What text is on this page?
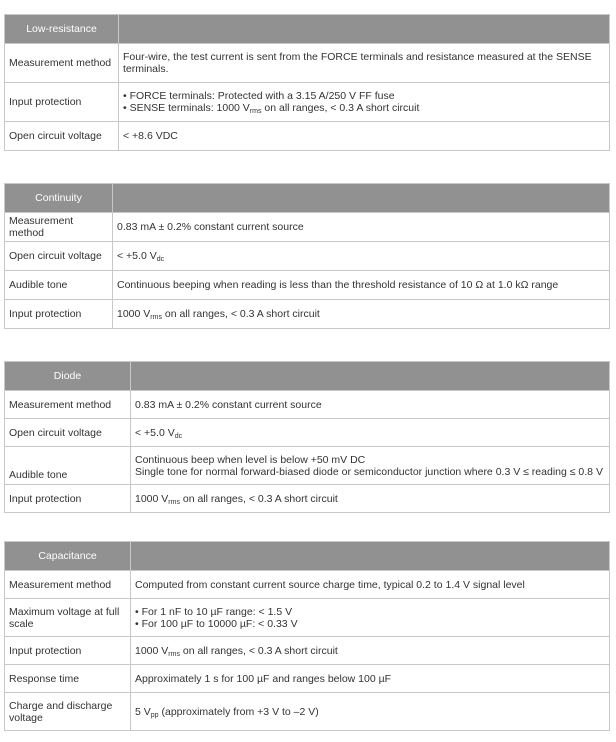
Low-resistance	
Measurement method	Four-wire, the test current is sent from the FORCE terminals and resistance measured at the SENSE
terminals.

Input protection	• FORCE terminals: Protected with a 3.15 A/250 V FF fuse
• SENSE terminals: 1000 $V_{rms}$ on all ranges, < 0.3 A short circuit

Open circuit voltage	< +8.6 VDC
Continuity	
Measurement method	0.83 mA ± 0.2% constant current source
Open circuit voltage	< +5.0 $V_{dc}$
Audible tone	Continuous beeping when reading is less than the threshold resistance of 10 Ω at 1.0 kΩ range
Input protection	1000 $V_{rms}$ on all ranges, < 0.3 A short circuit
Diode	
Measurement method	0.83 mA ± 0.2% constant current source
Open circuit voltage	< +5.0 $V_{dc}$
Audible tone	Continuous beep when level is below +50 mV DC
Single tone for normal forward-biased diode or semiconductor junction where 0.3 V ≤ reading ≤ 0.8 V

Input protection	1000 $V_{rms}$ on all ranges, < 0.3 A short circuit
Capacitance	
Measurement method	Computed from constant current source charge time, typical 0.2 to 1.4 V signal level
Maximum voltage at full scale	• For 1 nF to 10 µF range: < 1.5 V
• For 100 µF to 10000 µF: < 0.33 V

Input protection	1000 $V_{rms}$ on all ranges, < 0.3 A short circuit
Response time	Approximately 1 s for 100 µF and ranges below 100 µF
Charge and discharge voltage	5 $V_{pp}$ (approximately from +3 V to –2 V)
